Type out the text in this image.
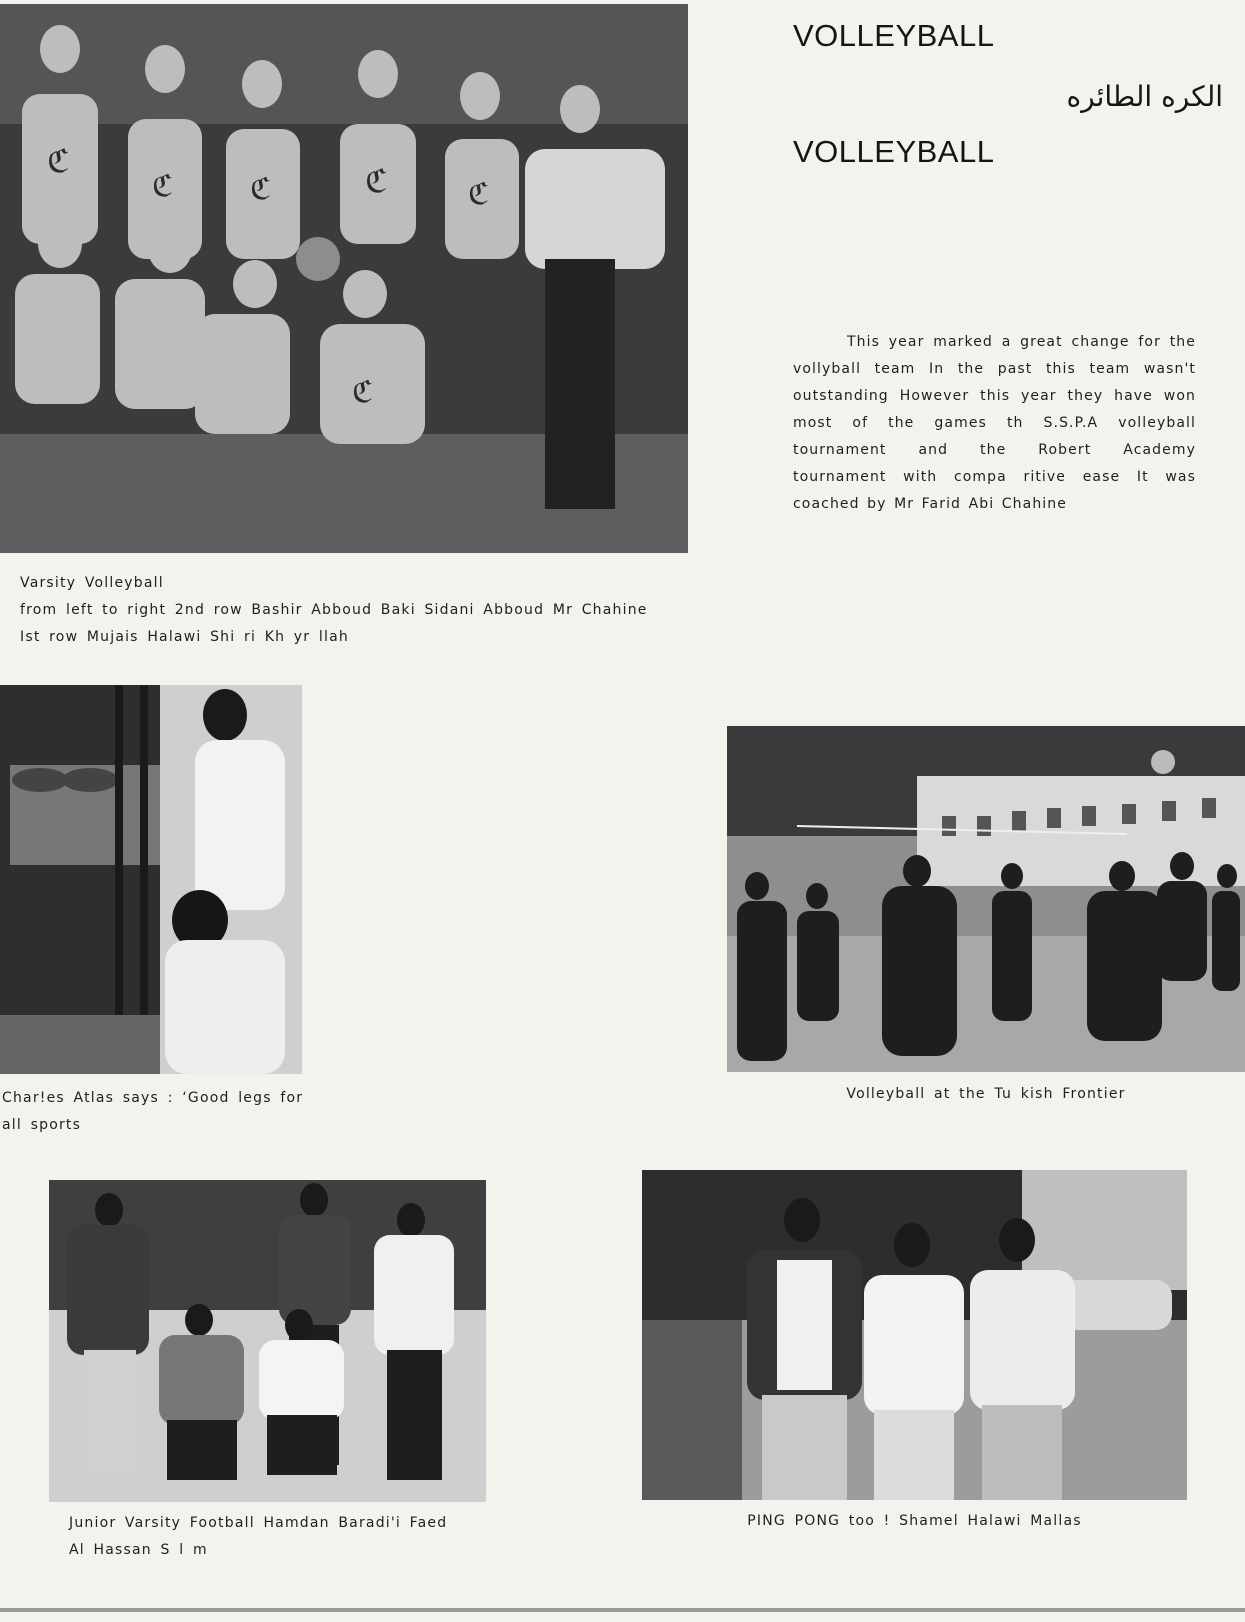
ℭ
ℭ	ℭ	ℭ	ℭ
ℭ
VOLLEYBALL

الكره الطائره

VOLLEYBALL

This year marked a great change for the vollyball team In the past this team wasn't outstanding However this year they have won most of the games th S.S.P.A volleyball tournament and the Robert Academy tournament with compa ritive ease It was coached by Mr Farid Abi Chahine

Varsity Volleyball
from left to right 2nd row Bashir Abboud Baki Sidani Abboud Mr Chahine
Ist row Mujais Halawi Shi ri Kh yr llah
Char!es Atlas says : ‘Good legs for
all sports
Volleyball at the Tu kish Frontier
Junior Varsity Football Hamdan Baradi'i Faed
Al Hassan S l m
PING PONG too ! Shamel Halawi Mallas
